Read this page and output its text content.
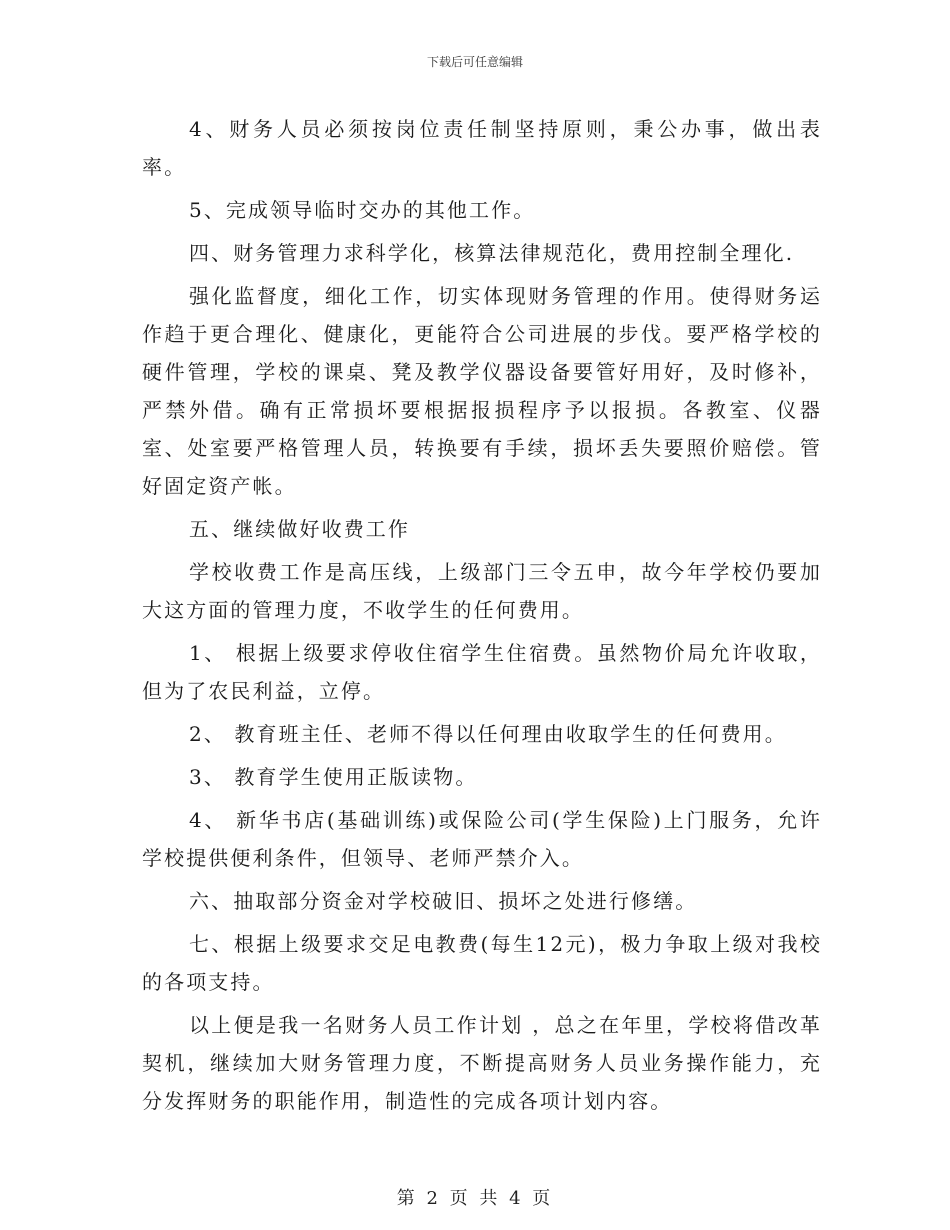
下载后可任意编辑

4、财务人员必须按岗位责任制坚持原则，秉公办事，做出表率。

5、完成领导临时交办的其他工作。

四、财务管理力求科学化，核算法律规范化，费用控制全理化.

强化监督度，细化工作，切实体现财务管理的作用。使得财务运作趋于更合理化、健康化，更能符合公司进展的步伐。要严格学校的硬件管理，学校的课桌、凳及教学仪器设备要管好用好，及时修补，严禁外借。确有正常损坏要根据报损程序予以报损。各教室、仪器室、处室要严格管理人员，转换要有手续，损坏丢失要照价赔偿。管好固定资产帐。

五、继续做好收费工作

学校收费工作是高压线，上级部门三令五申，故今年学校仍要加大这方面的管理力度，不收学生的任何费用。

1、 根据上级要求停收住宿学生住宿费。虽然物价局允许收取，但为了农民利益，立停。

2、 教育班主任、老师不得以任何理由收取学生的任何费用。

3、 教育学生使用正版读物。

4、 新华书店(基础训练)或保险公司(学生保险)上门服务，允许学校提供便利条件，但领导、老师严禁介入。

六、抽取部分资金对学校破旧、损坏之处进行修缮。

七、根据上级要求交足电教费(每生12元)，极力争取上级对我校的各项支持。

以上便是我一名财务人员工作计划 ，总之在年里，学校将借改革契机，继续加大财务管理力度，不断提高财务人员业务操作能力，充分发挥财务的职能作用，制造性的完成各项计划内容。

第 2 页 共 4 页
